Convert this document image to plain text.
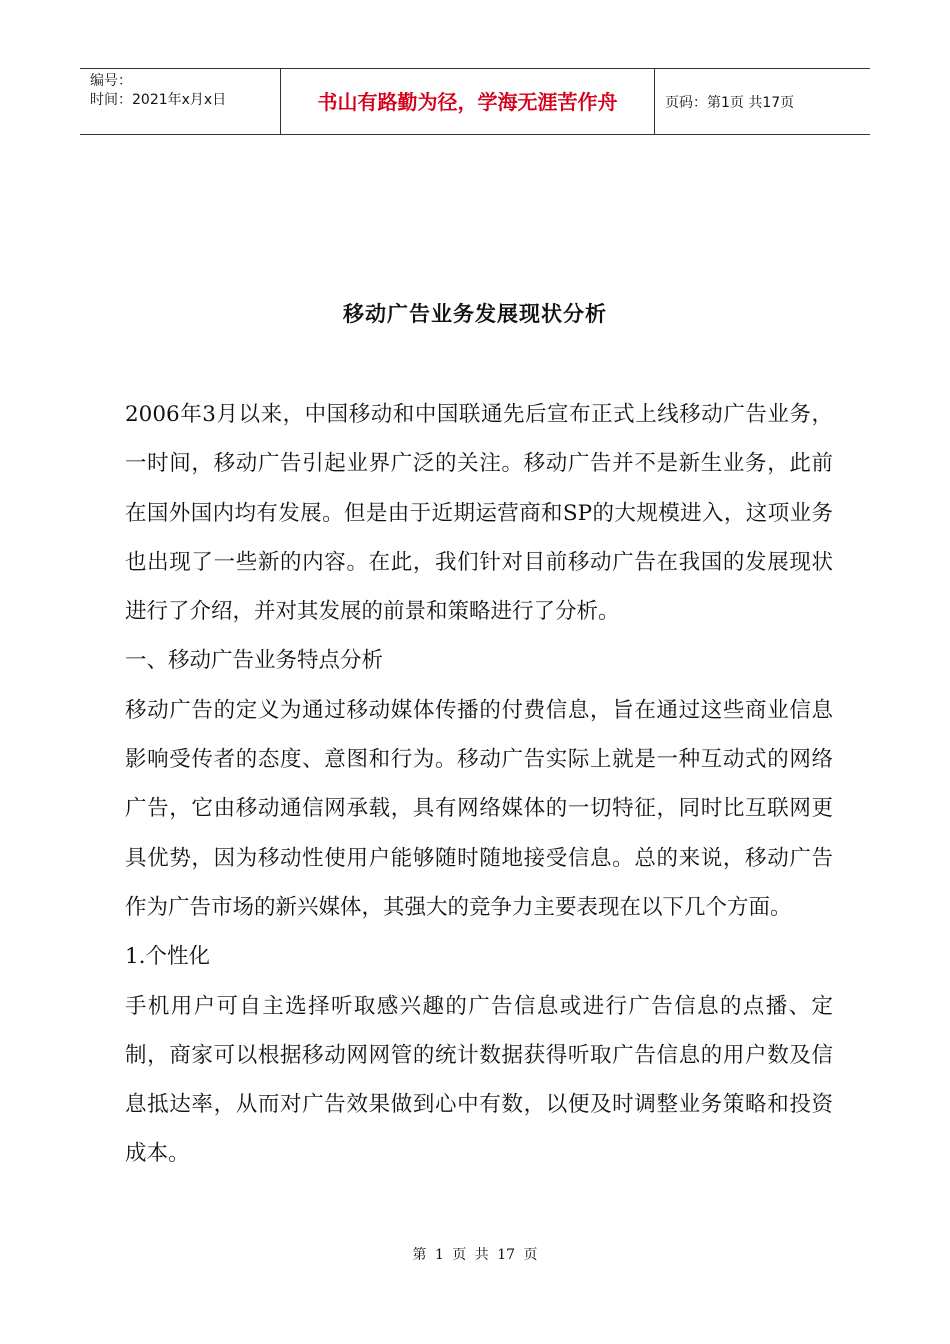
编号：
时间：2021年x月x日	书山有路勤为径，学海无涯苦作舟	页码：第1页 共17页
移动广告业务发展现状分析

2006年3月以来，中国移动和中国联通先后宣布正式上线移动广告业务，一时间，移动广告引起业界广泛的关注。移动广告并不是新生业务，此前在国外国内均有发展。但是由于近期运营商和SP的大规模进入，这项业务也出现了一些新的内容。在此，我们针对目前移动广告在我国的发展现状进行了介绍，并对其发展的前景和策略进行了分析。

一、移动广告业务特点分析

移动广告的定义为通过移动媒体传播的付费信息，旨在通过这些商业信息影响受传者的态度、意图和行为。移动广告实际上就是一种互动式的网络广告，它由移动通信网承载，具有网络媒体的一切特征，同时比互联网更具优势，因为移动性使用户能够随时随地接受信息。总的来说，移动广告作为广告市场的新兴媒体，其强大的竞争力主要表现在以下几个方面。

1.个性化

手机用户可自主选择听取感兴趣的广告信息或进行广告信息的点播、定制，商家可以根据移动网网管的统计数据获得听取广告信息的用户数及信息抵达率，从而对广告效果做到心中有数，以便及时调整业务策略和投资成本。

第 1 页 共 17 页
